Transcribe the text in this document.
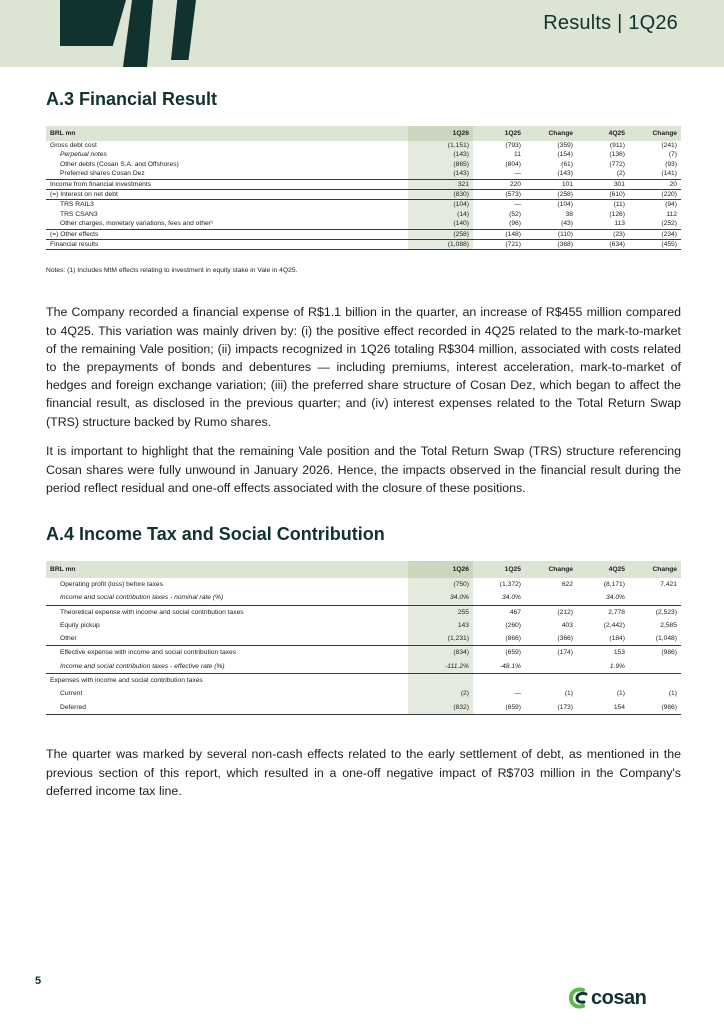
Results | 1Q26
A.3 Financial Result
BRL mn	1Q26	1Q25	Change	4Q25	Change
Gross debt cost	(1,151)	(793)	(359)	(911)	(241)
Perpetual notes	(143)	11	(154)	(136)	(7)
Other debts (Cosan S.A. and Offshores)	(865)	(804)	(61)	(772)	(93)
Preferred shares Cosan Dez	(143)	—	(143)	(2)	(141)
Income from financial investments	321	220	101	301	20
(=) Interest on net debt	(830)	(573)	(258)	(610)	(220)
TRS RAIL3	(104)	—	(104)	(11)	(94)
TRS CSAN3	(14)	(52)	38	(126)	112
Other charges, monetary variations, fees and other¹	(140)	(96)	(43)	113	(252)
(=) Other effects	(258)	(148)	(110)	(23)	(234)
Financial results	(1,088)	(721)	(368)	(634)	(455)
Notes: (1) Includes MtM effects relating to investment in equity stake in Vale in 4Q25.

The Company recorded a financial expense of R$1.1 billion in the quarter, an increase of R$455 million compared to 4Q25. This variation was mainly driven by: (i) the positive effect recorded in 4Q25 related to the mark-to-market of the remaining Vale position; (ii) impacts recognized in 1Q26 totaling R$304 million, associated with costs related to the prepayments of bonds and debentures — including premiums, interest acceleration, mark-to-market of hedges and foreign exchange variation; (iii) the preferred share structure of Cosan Dez, which began to affect the financial result, as disclosed in the previous quarter; and (iv) interest expenses related to the Total Return Swap (TRS) structure backed by Rumo shares.

It is important to highlight that the remaining Vale position and the Total Return Swap (TRS) structure referencing Cosan shares were fully unwound in January 2026. Hence, the impacts observed in the financial result during the period reflect residual and one-off effects associated with the closure of these positions.

A.4 Income Tax and Social Contribution
BRL mn	1Q26	1Q25	Change	4Q25	Change
Operating profit (loss) before taxes	(750)	(1,372)	622	(8,171)	7,421
Income and social contribution taxes - nominal rate (%)	34.0%	34.0%		34.0%	
Theoretical expense with income and social contribution taxes	255	467	(212)	2,778	(2,523)
Equity pickup	143	(260)	403	(2,442)	2,585
Other	(1,231)	(866)	(366)	(184)	(1,048)
Effective expense with income and social contribution taxes	(834)	(659)	(174)	153	(986)
Income and social contribution taxes - effective rate (%)	-111.2%	-48.1%		1.9%	
Expenses with income and social contribution taxes					
Current	(2)	—	(1)	(1)	(1)
Deferred	(832)	(659)	(173)	154	(986)

The quarter was marked by several non-cash effects related to the early settlement of debt, as mentioned in the previous section of this report, which resulted in a one-off negative impact of R$703 million in the Company's deferred income tax line.

5
cosan
